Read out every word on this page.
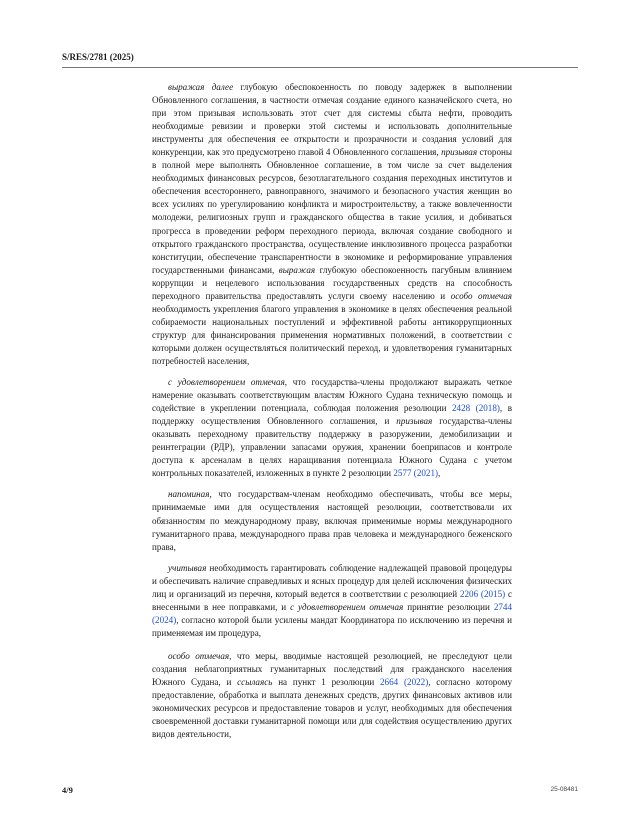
S/RES/2781 (2025)

выражая далее глубокую обеспокоенность по поводу задержек в выполнении Обновленного соглашения, в частности отмечая создание единого казначейского счета, но при этом призывая использовать этот счет для системы сбыта нефти, проводить необходимые ревизии и проверки этой системы и использовать дополнительные инструменты для обеспечения ее открытости и прозрачности и создания условий для конкуренции, как это предусмотрено главой 4 Обновленного соглашения, призывая стороны в полной мере выполнять Обновленное соглашение, в том числе за счет выделения необходимых финансовых ресурсов, безотлагательного создания переходных институтов и обеспечения всестороннего, равноправного, значимого и безопасного участия женщин во всех усилиях по урегулированию конфликта и миростроительству, а также вовлеченности молодежи, религиозных групп и гражданского общества в такие усилия, и добиваться прогресса в проведении реформ переходного периода, включая создание свободного и открытого гражданского пространства, осуществление инклюзивного процесса разработки конституции, обеспечение транспарентности в экономике и реформирование управления государственными финансами, выражая глубокую обеспокоенность пагубным влиянием коррупции и нецелевого использования государственных средств на способность переходного правительства предоставлять услуги своему населению и особо отмечая необходимость укрепления благого управления в экономике в целях обеспечения реальной собираемости национальных поступлений и эффективной работы антикоррупционных структур для финансирования применения нормативных положений, в соответствии с которыми должен осуществляться политический переход, и удовлетворения гуманитарных потребностей населения,

с удовлетворением отмечая, что государства-члены продолжают выражать четкое намерение оказывать соответствующим властям Южного Судана техническую помощь и содействие в укреплении потенциала, соблюдая положения резолюции 2428 (2018), в поддержку осуществления Обновленного соглашения, и призывая государства-члены оказывать переходному правительству поддержку в разоружении, демобилизации и реинтеграции (РДР), управлении запасами оружия, хранении боеприпасов и контроле доступа к арсеналам в целях наращивания потенциала Южного Судана с учетом контрольных показателей, изложенных в пункте 2 резолюции 2577 (2021),

напоминая, что государствам-членам необходимо обеспечивать, чтобы все меры, принимаемые ими для осуществления настоящей резолюции, соответствовали их обязанностям по международному праву, включая применимые нормы международного гуманитарного права, международного права прав человека и международного беженского права,

учитывая необходимость гарантировать соблюдение надлежащей правовой процедуры и обеспечивать наличие справедливых и ясных процедур для целей исключения физических лиц и организаций из перечня, который ведется в соответствии с резолюцией 2206 (2015) с внесенными в нее поправками, и с удовлетворением отмечая принятие резолюции 2744 (2024), согласно которой были усилены мандат Координатора по исключению из перечня и применяемая им процедура,

особо отмечая, что меры, вводимые настоящей резолюцией, не преследуют цели создания неблагоприятных гуманитарных последствий для гражданского населения Южного Судана, и ссылаясь на пункт 1 резолюции 2664 (2022), согласно которому предоставление, обработка и выплата денежных средств, других финансовых активов или экономических ресурсов и предоставление товаров и услуг, необходимых для обеспечения своевременной доставки гуманитарной помощи или для содействия осуществлению других видов деятельности,

4/9	25-08481
